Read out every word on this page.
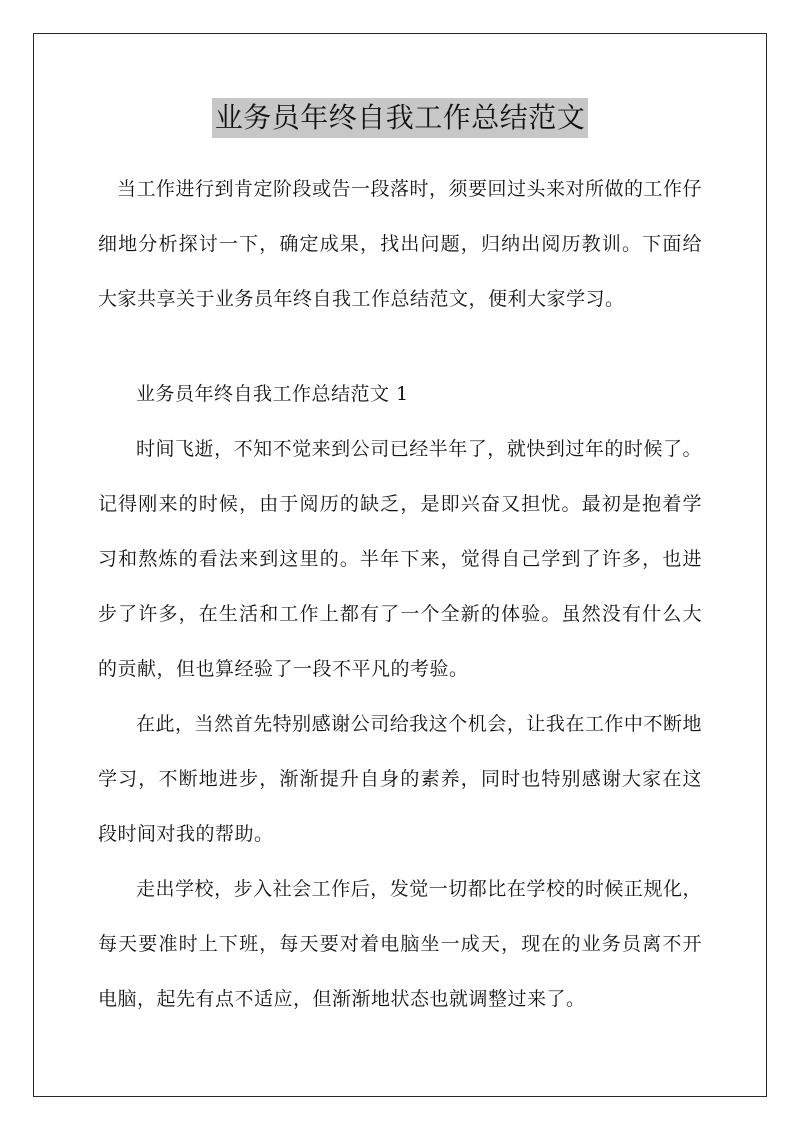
业务员年终自我工作总结范文

当工作进行到肯定阶段或告一段落时，须要回过头来对所做的工作仔细地分析探讨一下，确定成果，找出问题，归纳出阅历教训。下面给大家共享关于业务员年终自我工作总结范文，便利大家学习。

业务员年终自我工作总结范文 1

时间飞逝，不知不觉来到公司已经半年了，就快到过年的时候了。记得刚来的时候，由于阅历的缺乏，是即兴奋又担忧。最初是抱着学习和熬炼的看法来到这里的。半年下来，觉得自己学到了许多，也进步了许多，在生活和工作上都有了一个全新的体验。虽然没有什么大的贡献，但也算经验了一段不平凡的考验。

在此，当然首先特别感谢公司给我这个机会，让我在工作中不断地学习，不断地进步，渐渐提升自身的素养，同时也特别感谢大家在这段时间对我的帮助。

走出学校，步入社会工作后，发觉一切都比在学校的时候正规化，每天要准时上下班，每天要对着电脑坐一成天，现在的业务员离不开电脑，起先有点不适应，但渐渐地状态也就调整过来了。
